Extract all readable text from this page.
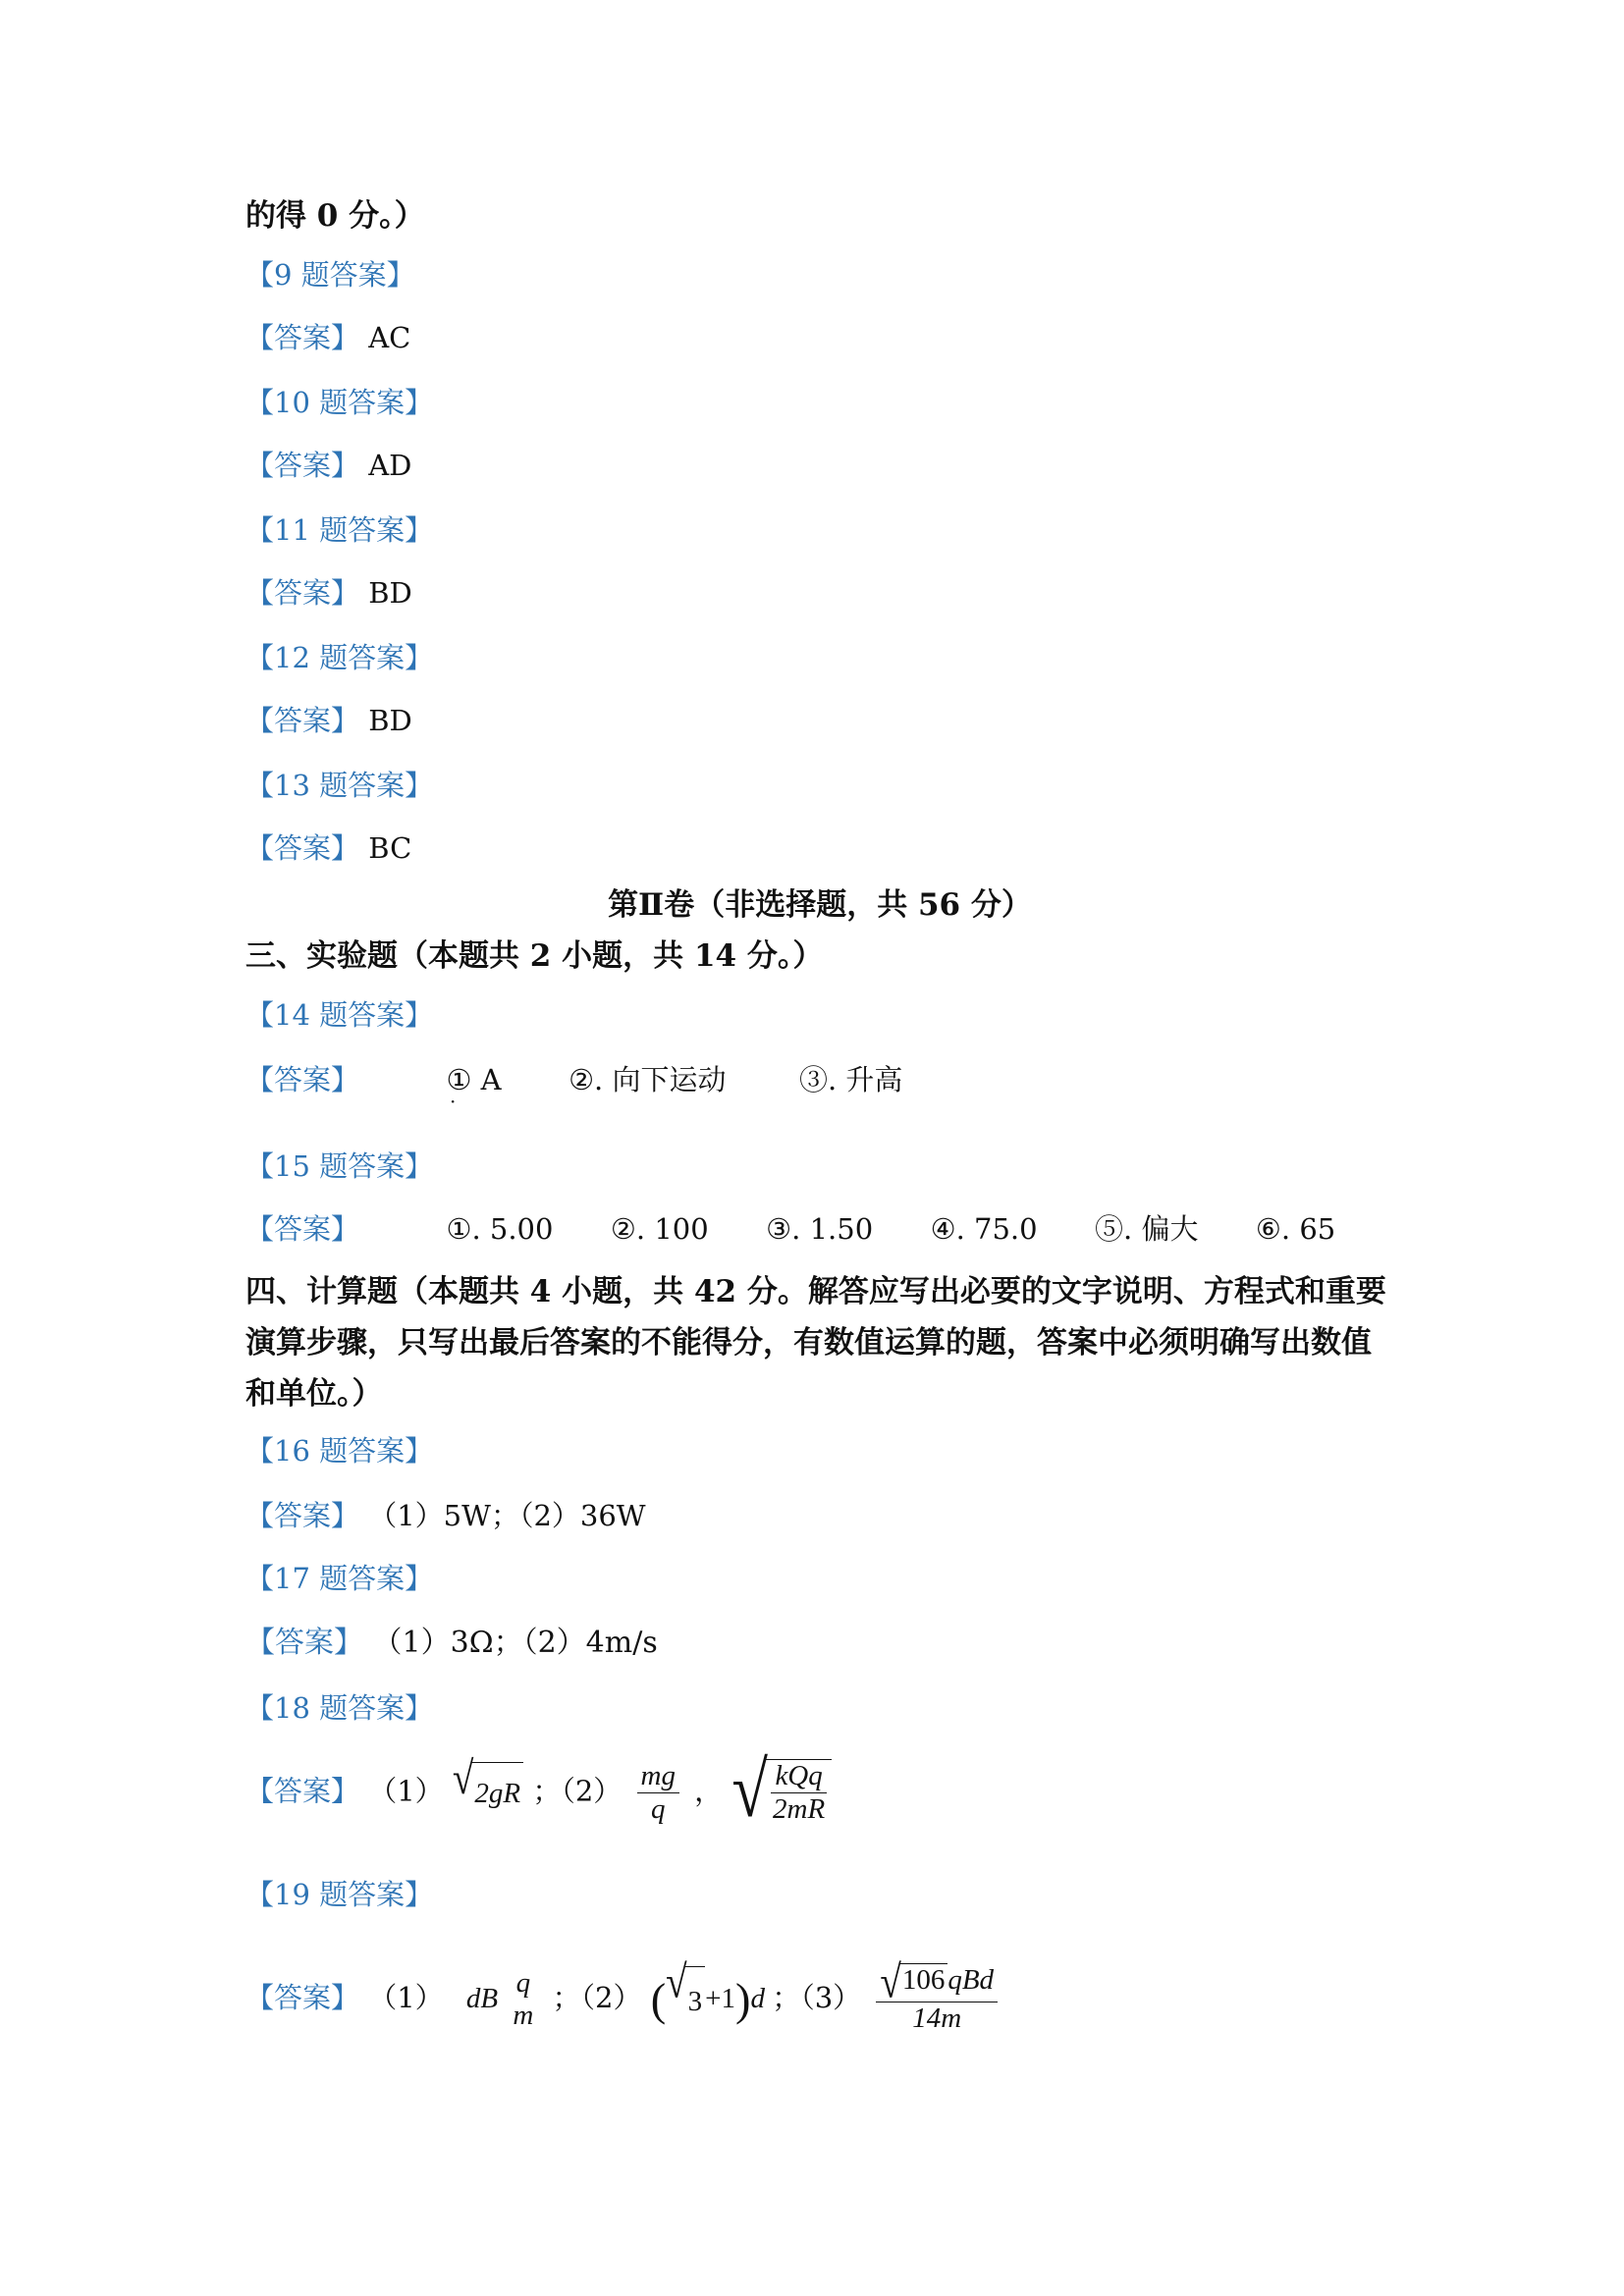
的得 0 分。）
【9 题答案】
【答案】 AC
【10 题答案】
【答案】 AD
【11 题答案】
【答案】 BD
【12 题答案】
【答案】 BD
【13 题答案】
【答案】 BC
第Ⅱ卷（非选择题，共 56 分）
三、实验题（本题共 2 小题，共 14 分。）
【14 题答案】
【答案】	① A ②. 向下运动	③. 升高
·
【15 题答案】
【答案】	①. 5.00 ②. 100 ③. 1.50 ④. 75.0 ⑤. 偏大 ⑥. 65
四、计算题（本题共 4 小题，共 42 分。解答应写出必要的文字说明、方程式和重要演算步骤，只写出最后答案的不能得分，有数值运算的题，答案中必须明确写出数值和单位。）
【16 题答案】
【答案】 （1）5W；（2）36W
【17 题答案】
【答案】 （1）3Ω；（2）4m/s
【18 题答案】
【答案】 （1） √ 2gR ；$(2) \frac{mg}{q}$ ， √ $\frac{\text{kQq}}{2mR}$
【19 题答案】
【答案】 （1） dB
q
m
；（2） ( √ 3 +1)d ；$(3) \frac{\text{√ 106 qBd}}{14m}$
